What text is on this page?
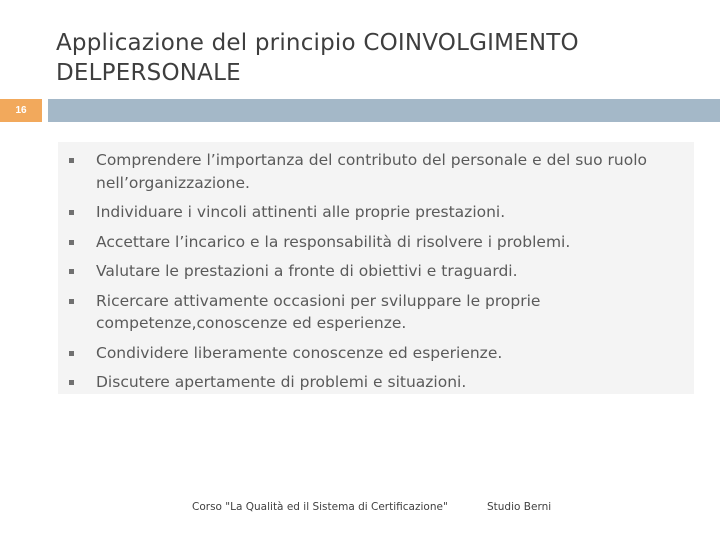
Applicazione del principio COINVOLGIMENTO DELPERSONALE
16
Comprendere l’importanza del contributo del personale e del suo ruolo nell’organizzazione.
Individuare i vincoli attinenti alle proprie prestazioni.
Accettare l’incarico e la responsabilità di risolvere i problemi.
Valutare le prestazioni a fronte di obiettivi e traguardi.
Ricercare attivamente occasioni per sviluppare le proprie competenze,conoscenze ed esperienze.
Condividere liberamente conoscenze ed esperienze.
Discutere apertamente di problemi e situazioni.
Corso "La Qualità ed il Sistema di Certificazione"	Studio Berni
